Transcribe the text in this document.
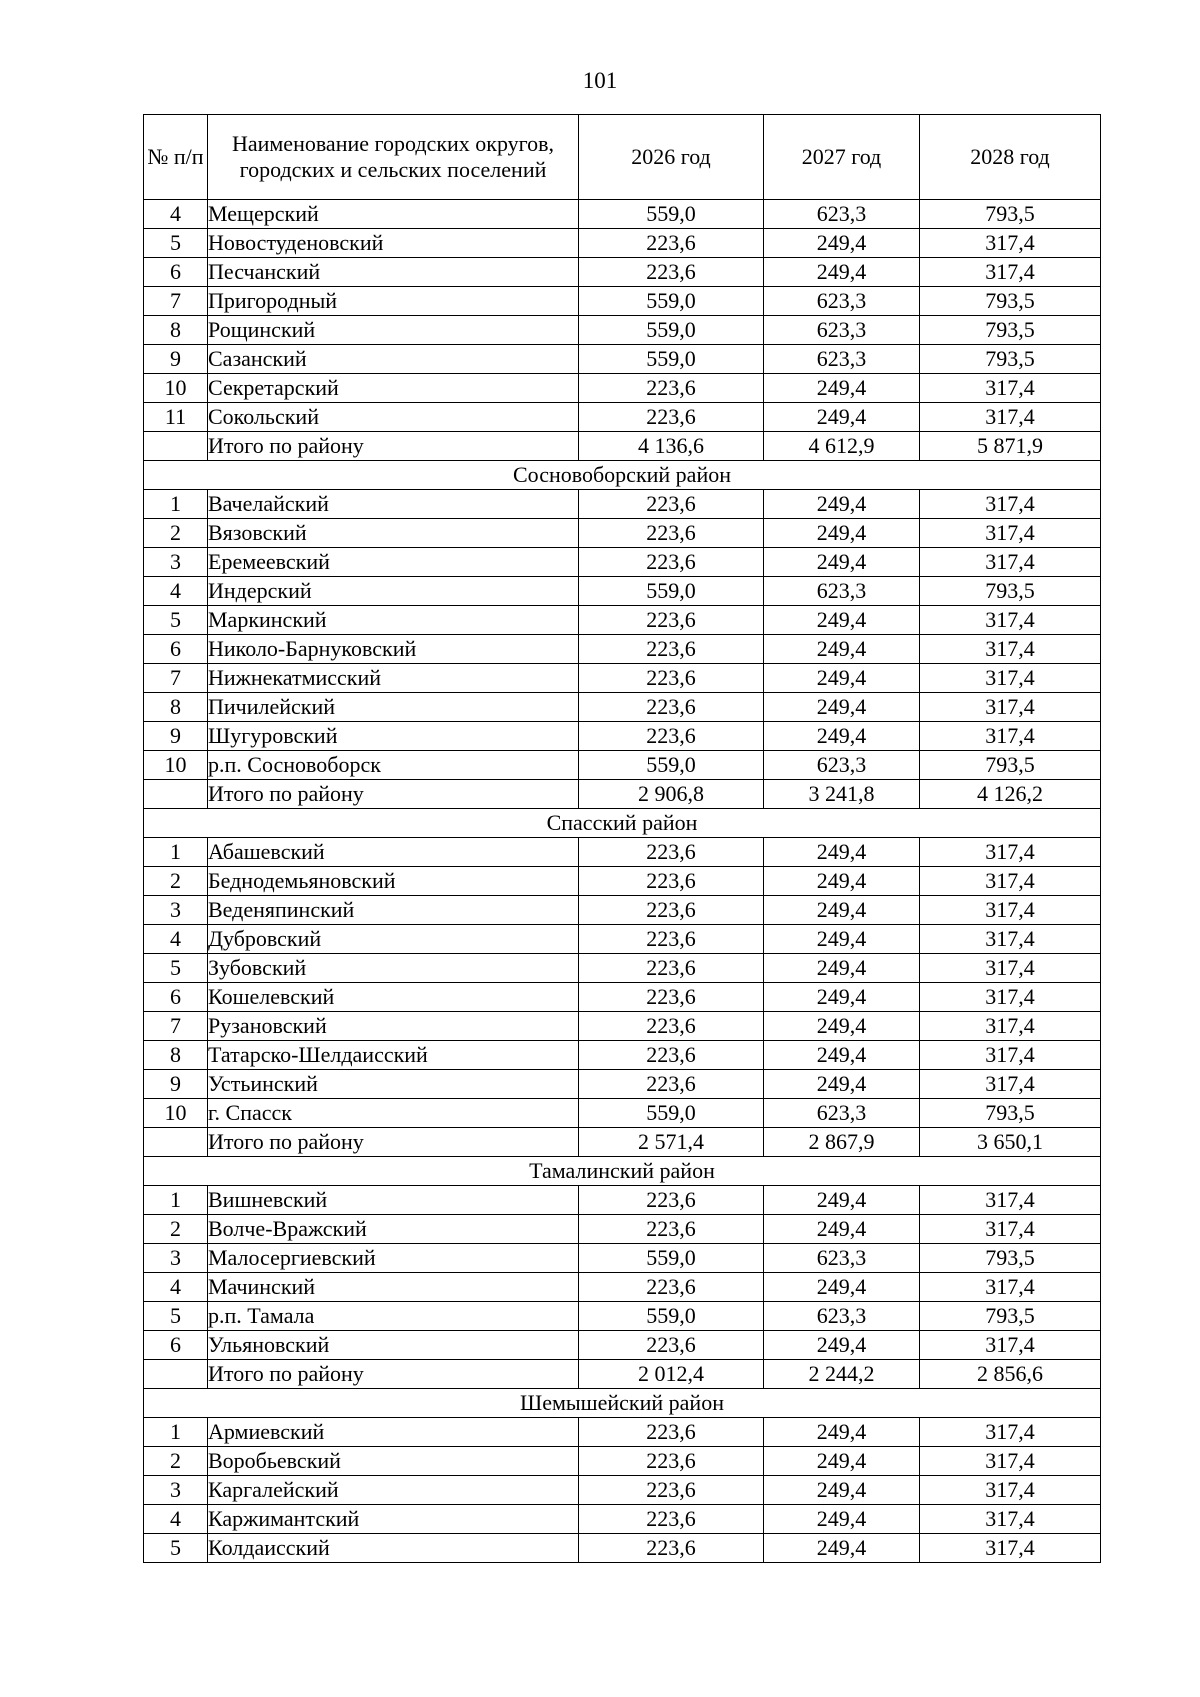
101
№ п/п	Наименование городских округов, городских и сельских поселений	2026 год	2027 год	2028 год
4	Мещерский	559,0	623,3	793,5
5	Новостуденовский	223,6	249,4	317,4
6	Песчанский	223,6	249,4	317,4
7	Пригородный	559,0	623,3	793,5
8	Рощинский	559,0	623,3	793,5
9	Сазанский	559,0	623,3	793,5
10	Секретарский	223,6	249,4	317,4
11	Сокольский	223,6	249,4	317,4
	Итого по району	4 136,6	4 612,9	5 871,9
Сосновоборский район				
1	Вачелайский	223,6	249,4	317,4
2	Вязовский	223,6	249,4	317,4
3	Еремеевский	223,6	249,4	317,4
4	Индерский	559,0	623,3	793,5
5	Маркинский	223,6	249,4	317,4
6	Николо-Барнуковский	223,6	249,4	317,4
7	Нижнекатмисский	223,6	249,4	317,4
8	Пичилейский	223,6	249,4	317,4
9	Шугуровский	223,6	249,4	317,4
10	р.п. Сосновоборск	559,0	623,3	793,5
	Итого по району	2 906,8	3 241,8	4 126,2
Спасский район				
1	Абашевский	223,6	249,4	317,4
2	Беднодемьяновский	223,6	249,4	317,4
3	Веденяпинский	223,6	249,4	317,4
4	Дубровский	223,6	249,4	317,4
5	Зубовский	223,6	249,4	317,4
6	Кошелевский	223,6	249,4	317,4
7	Рузановский	223,6	249,4	317,4
8	Татарско-Шелдаисский	223,6	249,4	317,4
9	Устьинский	223,6	249,4	317,4
10	г. Спасск	559,0	623,3	793,5
	Итого по району	2 571,4	2 867,9	3 650,1
Тамалинский район				
1	Вишневский	223,6	249,4	317,4
2	Волче-Вражский	223,6	249,4	317,4
3	Малосергиевский	559,0	623,3	793,5
4	Мачинский	223,6	249,4	317,4
5	р.п. Тамала	559,0	623,3	793,5
6	Ульяновский	223,6	249,4	317,4
	Итого по району	2 012,4	2 244,2	2 856,6
Шемышейский район				
1	Армиевский	223,6	249,4	317,4
2	Воробьевский	223,6	249,4	317,4
3	Каргалейский	223,6	249,4	317,4
4	Каржимантский	223,6	249,4	317,4
5	Колдаисский	223,6	249,4	317,4
